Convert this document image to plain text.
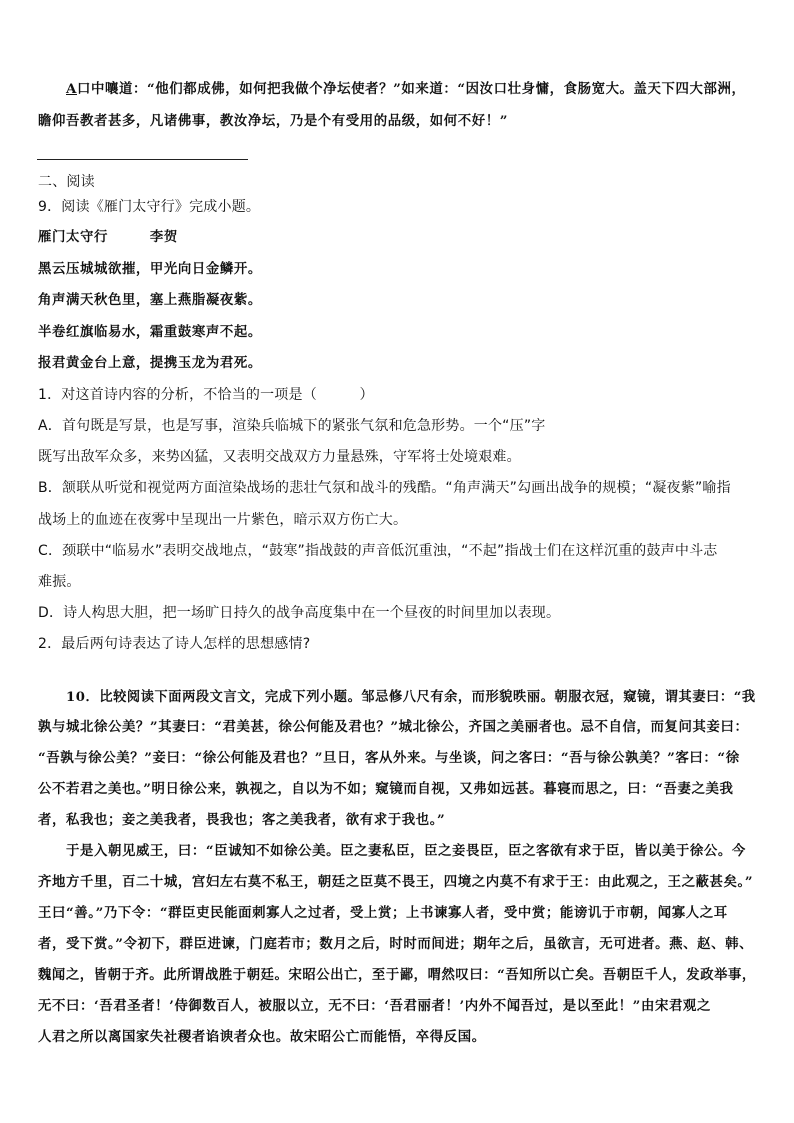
A口中嚷道：“他们都成佛，如何把我做个净坛使者？”如来道：“因汝口壮身慵，食肠宽大。盖天下四大部洲，
瞻仰吾教者甚多，凡诸佛事，教汝净坛，乃是个有受用的品级，如何不好！”
二、阅读
9．阅读《雁门太守行》完成小题。
雁门太守行　　　李贺
黑云压城城欲摧，甲光向日金鳞开。
角声满天秋色里，塞上燕脂凝夜紫。
半卷红旗临易水，霜重鼓寒声不起。
报君黄金台上意，提携玉龙为君死。
1．对这首诗内容的分析，不恰当的一项是（　　　）
A．首句既是写景，也是写事，渲染兵临城下的紧张气氛和危急形势。一个“压”字
既写出敌军众多，来势凶猛，又表明交战双方力量悬殊，守军将士处境艰难。
B．颔联从听觉和视觉两方面渲染战场的悲壮气氛和战斗的残酷。“角声满天”勾画出战争的规模；“凝夜紫”喻指
战场上的血迹在夜雾中呈现出一片紫色，暗示双方伤亡大。
C．颈联中“临易水”表明交战地点，“鼓寒”指战鼓的声音低沉重浊，“不起”指战士们在这样沉重的鼓声中斗志
难振。
D．诗人构思大胆，把一场旷日持久的战争高度集中在一个昼夜的时间里加以表现。
2．最后两句诗表达了诗人怎样的思想感情?
10．比较阅读下面两段文言文，完成下列小题。邹忌修八尺有余，而形貌昳丽。朝服衣冠，窥镜，谓其妻曰：“我
孰与城北徐公美？”其妻曰：“君美甚，徐公何能及君也？”城北徐公，齐国之美丽者也。忌不自信，而复问其妾曰：
“吾孰与徐公美？”妾曰：“徐公何能及君也？”旦日，客从外来。与坐谈，问之客曰：“吾与徐公孰美？”客曰：“徐
公不若君之美也。”明日徐公来，孰视之，自以为不如；窥镜而自视，又弗如远甚。暮寝而思之，曰：“吾妻之美我
者，私我也；妾之美我者，畏我也；客之美我者，欲有求于我也。”
于是入朝见威王，曰：“臣诚知不如徐公美。臣之妻私臣，臣之妾畏臣，臣之客欲有求于臣，皆以美于徐公。今
齐地方千里，百二十城，宫妇左右莫不私王，朝廷之臣莫不畏王，四境之内莫不有求于王：由此观之，王之蔽甚矣。”
王曰“善。”乃下令：“群臣吏民能面刺寡人之过者，受上赏；上书谏寡人者，受中赏；能谤讥于市朝，闻寡人之耳
者，受下赏。”令初下，群臣进谏，门庭若市；数月之后，时时而间进；期年之后，虽欲言，无可进者。燕、赵、韩、
魏闻之，皆朝于齐。此所谓战胜于朝廷。宋昭公出亡，至于鄙，喟然叹曰：“吾知所以亡矣。吾朝臣千人，发政举事，
无不曰：‘吾君圣者！’侍御数百人，被服以立，无不曰：‘吾君丽者！’内外不闻吾过，是以至此！”由宋君观之
人君之所以离国家失社稷者谄谀者众也。故宋昭公亡而能悟，卒得反国。
